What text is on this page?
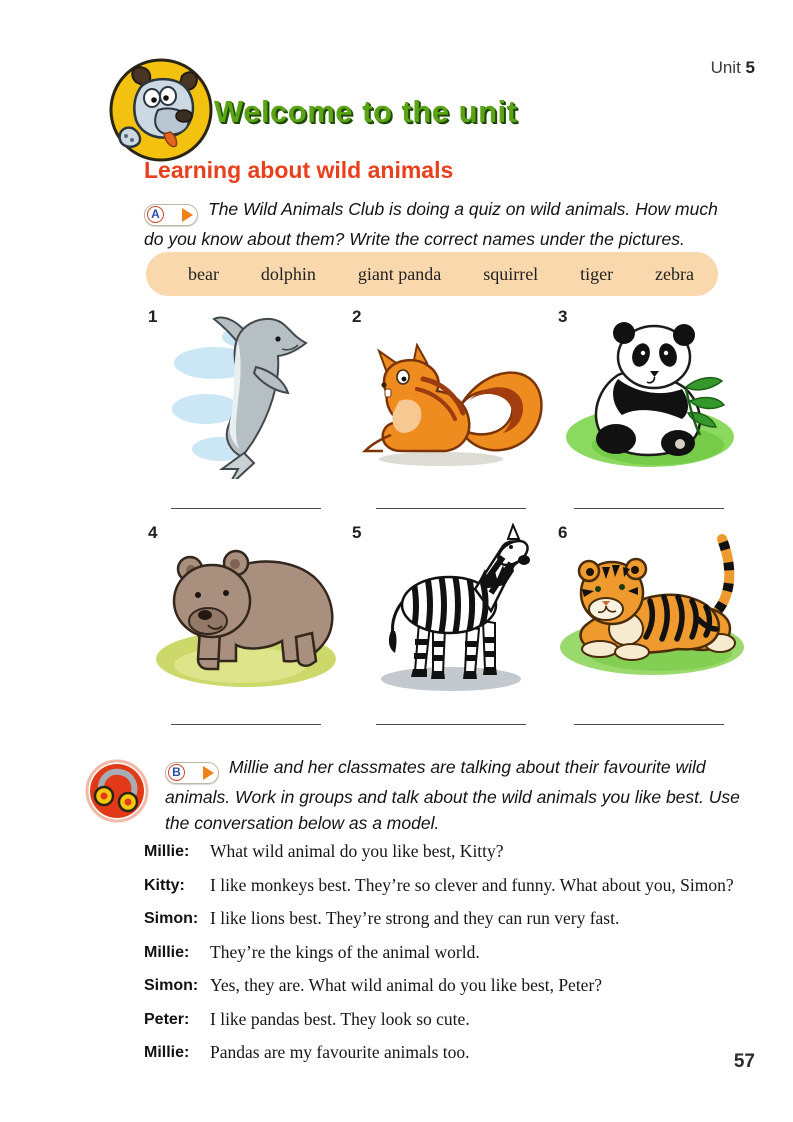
Unit 5
Welcome to the unit
Learning about wild animals
A	The Wild Animals Club is doing a quiz on wild animals. How much do you know about them? Write the correct names under the pictures.
bear dolphin giant panda squirrel tiger zebra
1	2	3
4	5	6
B	Millie and her classmates are talking about their favourite wild animals. Work in groups and talk about the wild animals you like best. Use the conversation below as a model.
Millie:	What wild animal do you like best, Kitty?
Kitty:	I like monkeys best. They’re so clever and funny. What about you, Simon?
Simon: I like lions best. They’re strong and they can run very fast.
Millie:	They’re the kings of the animal world.
Simon: Yes, they are. What wild animal do you like best, Peter?
Peter:	I like pandas best. They look so cute.
Millie:	Pandas are my favourite animals too.	57
